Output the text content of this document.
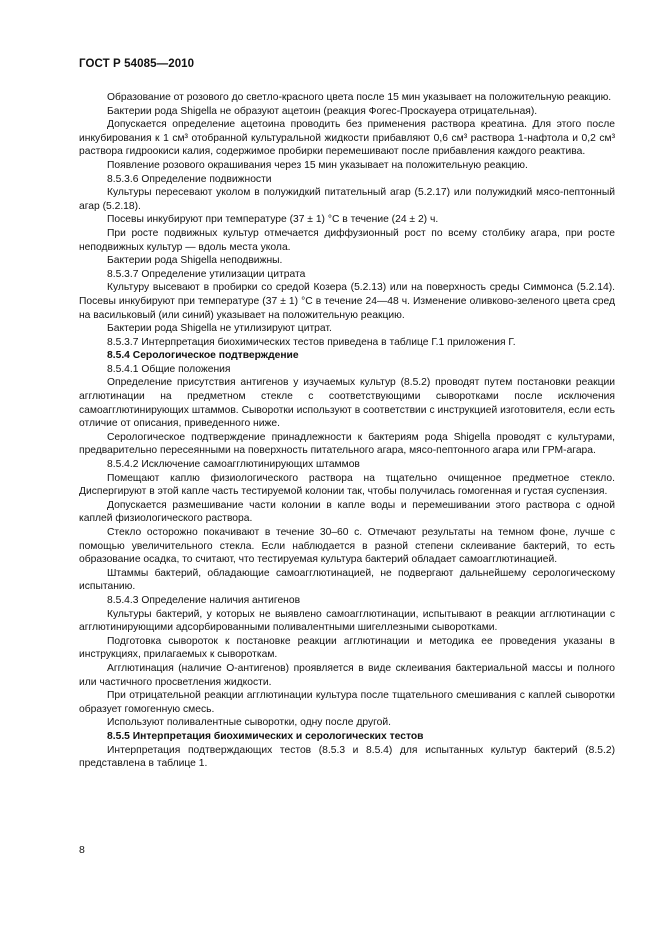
ГОСТ Р 54085—2010

Образование от розового до светло-красного цвета после 15 мин указывает на положительную реакцию.

Бактерии рода Shigella не образуют ацетоин (реакция Фогес-Проскауера отрицательная).

Допускается определение ацетоина проводить без применения раствора креатина. Для этого после инкубирования к 1 см³ отобранной культуральной жидкости прибавляют 0,6 см³ раствора 1-нафтола и 0,2 см³ раствора гидроокиси калия, содержимое пробирки перемешивают после прибавления каждого реактива.

Появление розового окрашивания через 15 мин указывает на положительную реакцию.

8.5.3.6 Определение подвижности

Культуры пересевают уколом в полужидкий питательный агар (5.2.17) или полужидкий мясо-пептонный агар (5.2.18).

Посевы инкубируют при температуре (37 ± 1) °С в течение (24 ± 2) ч.

При росте подвижных культур отмечается диффузионный рост по всему столбику агара, при росте неподвижных культур — вдоль места укола.

Бактерии рода Shigella неподвижны.

8.5.3.7 Определение утилизации цитрата

Культуру высевают в пробирки со средой Козера (5.2.13) или на поверхность среды Симмонса (5.2.14). Посевы инкубируют при температуре (37 ± 1) °С в течение 24—48 ч. Изменение оливково-зеленого цвета сред на васильковый (или синий) указывает на положительную реакцию.

Бактерии рода Shigella не утилизируют цитрат.

8.5.3.7 Интерпретация биохимических тестов приведена в таблице Г.1 приложения Г.

8.5.4 Серологическое подтверждение

8.5.4.1 Общие положения

Определение присутствия антигенов у изучаемых культур (8.5.2) проводят путем постановки реакции агглютинации на предметном стекле с соответствующими сыворотками после исключения самоагглютинирующих штаммов. Сыворотки используют в соответствии с инструкцией изготовителя, если есть отличие от описания, приведенного ниже.

Серологическое подтверждение принадлежности к бактериям рода Shigella проводят с культурами, предварительно пересеянными на поверхность питательного агара, мясо-пептонного агара или ГРМ-агара.

8.5.4.2 Исключение самоагглютинирующих штаммов

Помещают каплю физиологического раствора на тщательно очищенное предметное стекло. Диспергируют в этой капле часть тестируемой колонии так, чтобы получилась гомогенная и густая суспензия.

Допускается размешивание части колонии в капле воды и перемешивании этого раствора с одной каплей физиологического раствора.

Стекло осторожно покачивают в течение 30–60 с. Отмечают результаты на темном фоне, лучше с помощью увеличительного стекла. Если наблюдается в разной степени склеивание бактерий, то есть образование осадка, то считают, что тестируемая культура бактерий обладает самоагглютинацией.

Штаммы бактерий, обладающие самоагглютинацией, не подвергают дальнейшему серологическому испытанию.

8.5.4.3 Определение наличия антигенов

Культуры бактерий, у которых не выявлено самоагглютинации, испытывают в реакции агглютинации с агглютинирующими адсорбированными поливалентными шигеллезными сыворотками.

Подготовка сывороток к постановке реакции агглютинации и методика ее проведения указаны в инструкциях, прилагаемых к сывороткам.

Агглютинация (наличие О-антигенов) проявляется в виде склеивания бактериальной массы и полного или частичного просветления жидкости.

При отрицательной реакции агглютинации культура после тщательного смешивания с каплей сыворотки образует гомогенную смесь.

Используют поливалентные сыворотки, одну после другой.

8.5.5 Интерпретация биохимических и серологических тестов

Интерпретация подтверждающих тестов (8.5.3 и 8.5.4) для испытанных культур бактерий (8.5.2) представлена в таблице 1.

8
